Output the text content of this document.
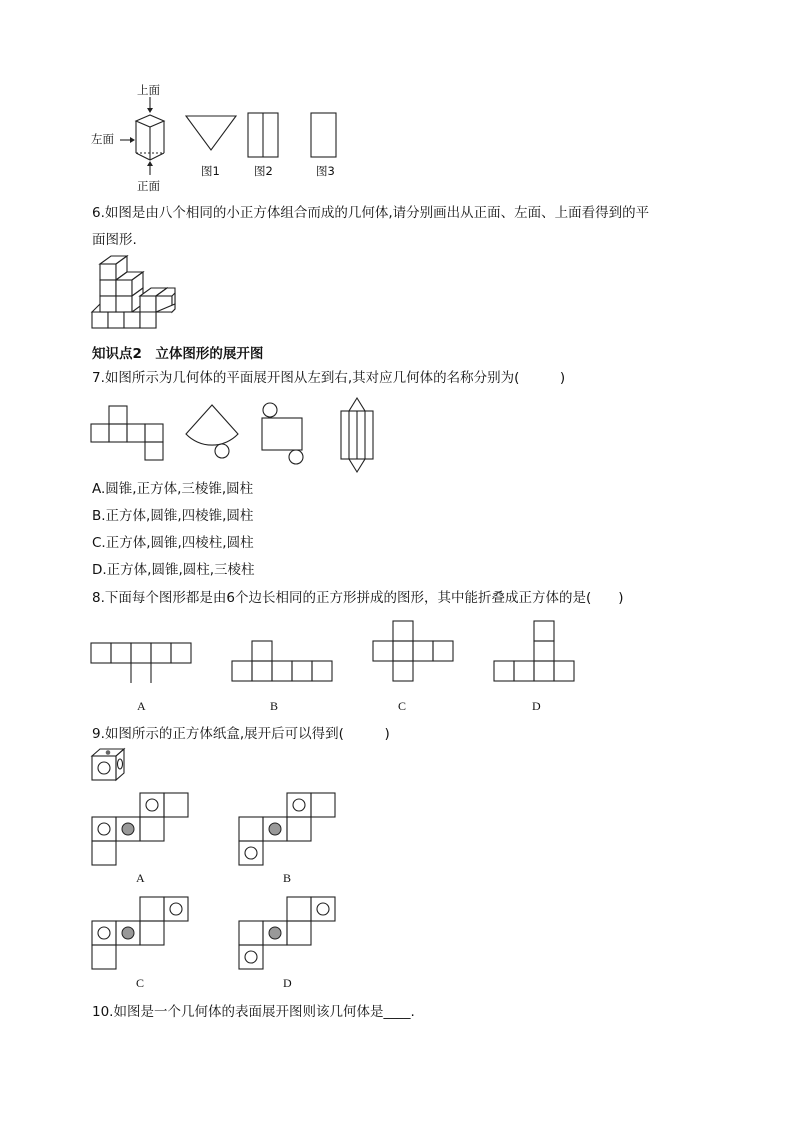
上面
左面
正面
图1	图2	图3
6.如图是由八个相同的小正方体组合而成的几何体,请分别画出从正面、左面、上面看得到的平
面图形.
知识点2　立体图形的展开图
7.如图所示为几何体的平面展开图从左到右,其对应几何体的名称分别为(　　　)
A.圆锥,正方体,三棱锥,圆柱
B.正方体,圆锥,四棱锥,圆柱
C.正方体,圆锥,四棱柱,圆柱
D.正方体,圆锥,圆柱,三棱柱
8.下面每个图形都是由6个边长相同的正方形拼成的图形，其中能折叠成正方体的是(　　)
A	B	C	D
9.如图所示的正方体纸盒,展开后可以得到(　　　)
A	B
C	D
10.如图是一个几何体的表面展开图则该几何体是____.
